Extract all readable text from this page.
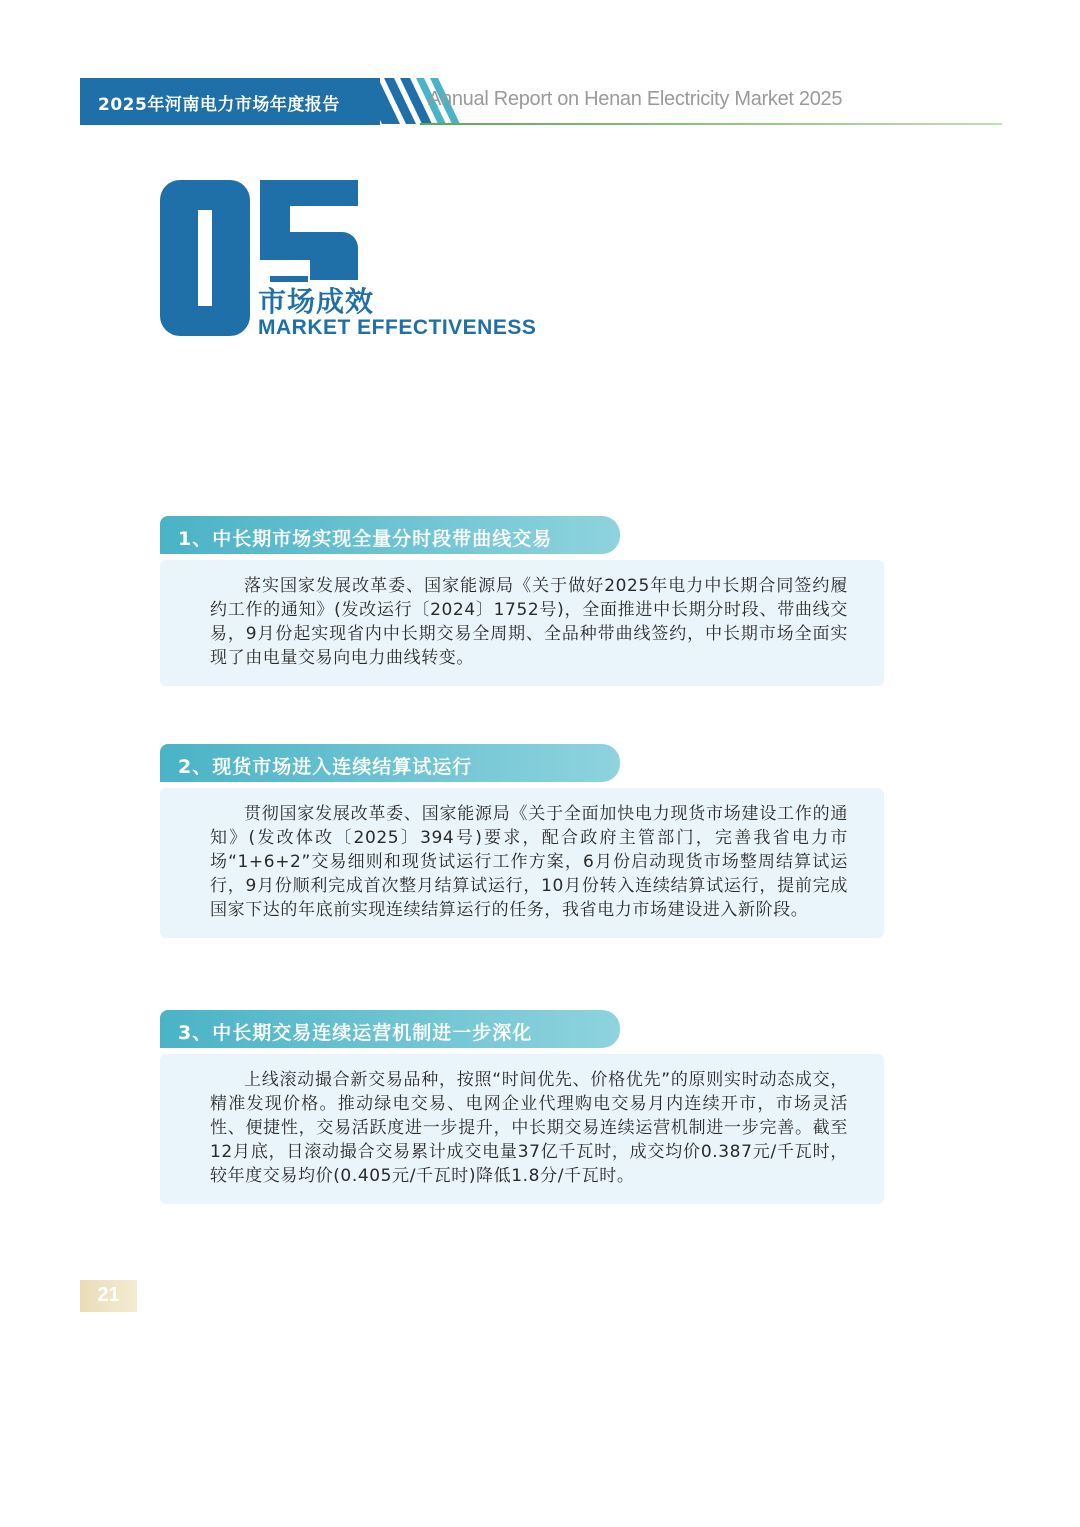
2025年河南电力市场年度报告	Annual Report on Henan Electricity Market 2025
市场成效
MARKET EFFECTIVENESS
1、中长期市场实现全量分时段带曲线交易
落实国家发展改革委、国家能源局《关于做好2025年电力中长期合同签约履约工作的通知》(发改运行〔2024〕1752号)，全面推进中长期分时段、带曲线交易，9月份起实现省内中长期交易全周期、全品种带曲线签约，中长期市场全面实现了由电量交易向电力曲线转变。
2、现货市场进入连续结算试运行
贯彻国家发展改革委、国家能源局《关于全面加快电力现货市场建设工作的通知》(发改体改〔2025〕394号)要求，配合政府主管部门，完善我省电力市场“1+6+2”交易细则和现货试运行工作方案，6月份启动现货市场整周结算试运行，9月份顺利完成首次整月结算试运行，10月份转入连续结算试运行，提前完成国家下达的年底前实现连续结算运行的任务，我省电力市场建设进入新阶段。
3、中长期交易连续运营机制进一步深化
上线滚动撮合新交易品种，按照“时间优先、价格优先”的原则实时动态成交，精准发现价格。推动绿电交易、电网企业代理购电交易月内连续开市，市场灵活性、便捷性，交易活跃度进一步提升，中长期交易连续运营机制进一步完善。截至12月底，日滚动撮合交易累计成交电量37亿千瓦时，成交均价0.387元/千瓦时，较年度交易均价(0.405元/千瓦时)降低1.8分/千瓦时。
21
